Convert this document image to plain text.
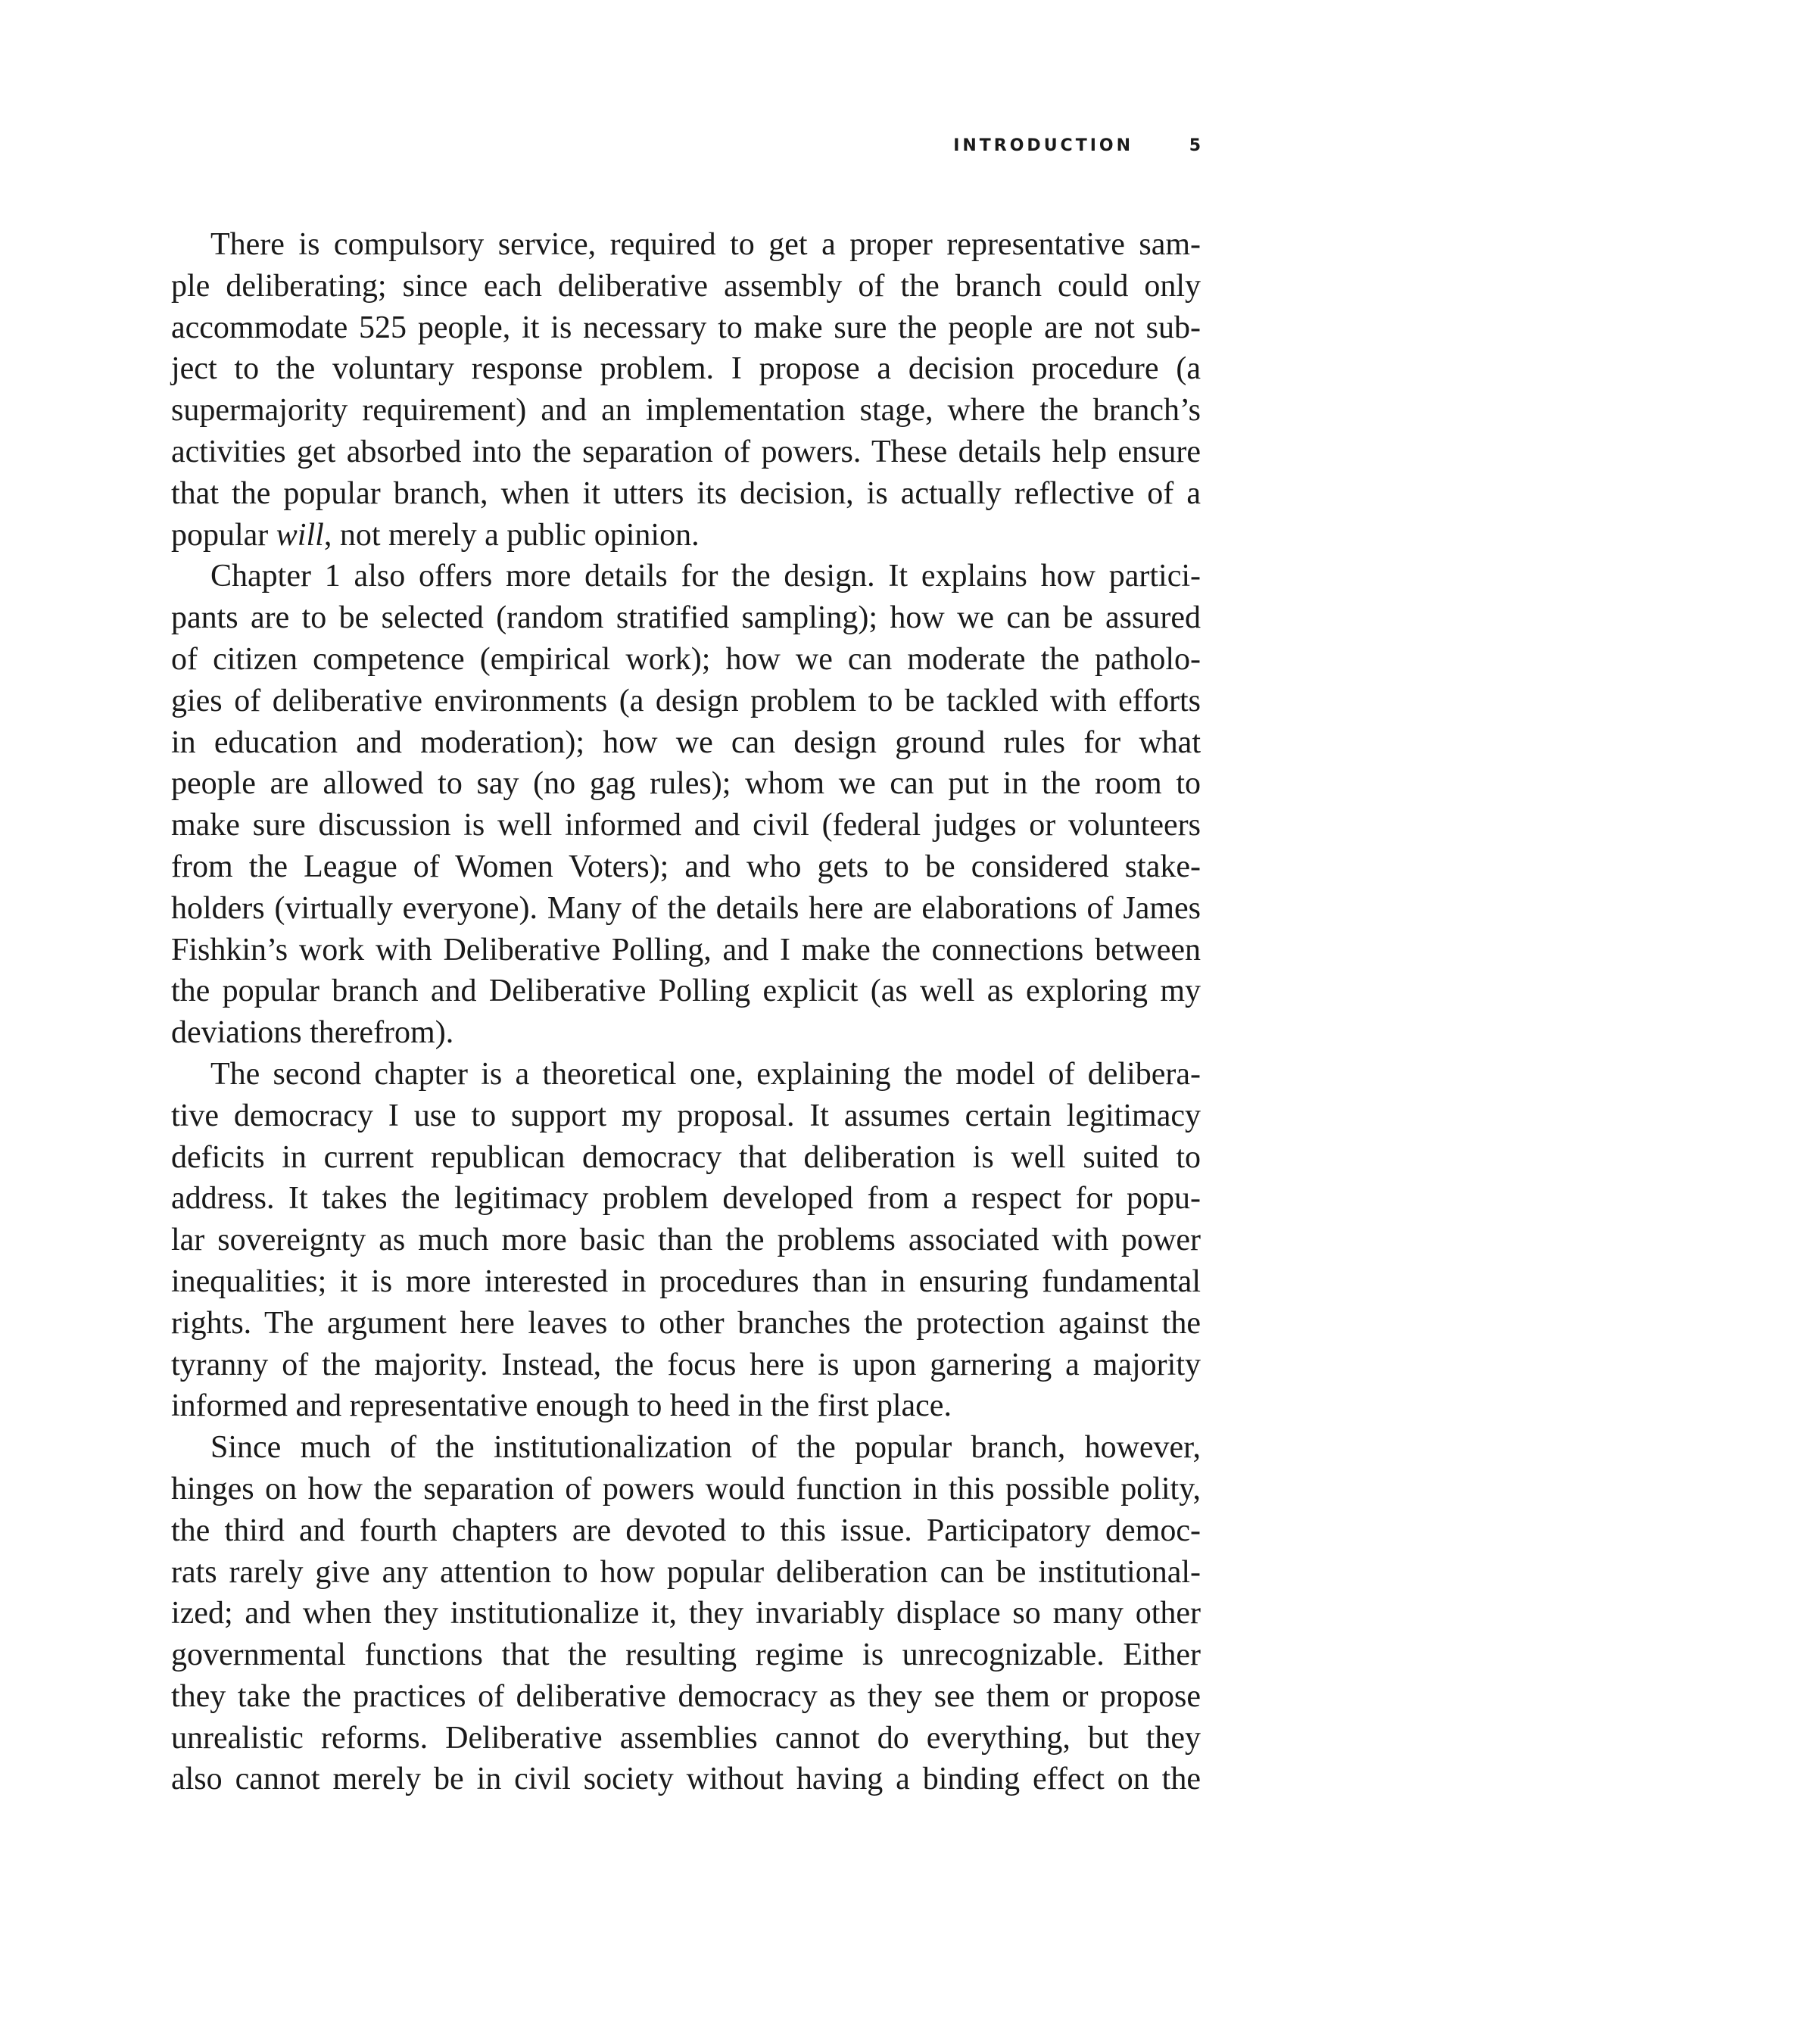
INTRODUCTION	5
There is compulsory service, required to get a proper representative sam-
ple deliberating; since each deliberative assembly of the branch could only
accommodate 525 people, it is necessary to make sure the people are not sub-
ject to the voluntary response problem. I propose a decision procedure (a
supermajority requirement) and an implementation stage, where the branch’s
activities get absorbed into the separation of powers. These details help ensure
that the popular branch, when it utters its decision, is actually reflective of a
popular will, not merely a public opinion.
Chapter 1 also offers more details for the design. It explains how partici-
pants are to be selected (random stratified sampling); how we can be assured
of citizen competence (empirical work); how we can moderate the patholo-
gies of deliberative environments (a design problem to be tackled with efforts
in education and moderation); how we can design ground rules for what
people are allowed to say (no gag rules); whom we can put in the room to
make sure discussion is well informed and civil (federal judges or volunteers
from the League of Women Voters); and who gets to be considered stake-
holders (virtually everyone). Many of the details here are elaborations of James
Fishkin’s work with Deliberative Polling, and I make the connections between
the popular branch and Deliberative Polling explicit (as well as exploring my
deviations therefrom).
The second chapter is a theoretical one, explaining the model of delibera-
tive democracy I use to support my proposal. It assumes certain legitimacy
deficits in current republican democracy that deliberation is well suited to
address. It takes the legitimacy problem developed from a respect for popu-
lar sovereignty as much more basic than the problems associated with power
inequalities; it is more interested in procedures than in ensuring fundamental
rights. The argument here leaves to other branches the protection against the
tyranny of the majority. Instead, the focus here is upon garnering a majority
informed and representative enough to heed in the first place.
Since much of the institutionalization of the popular branch, however,
hinges on how the separation of powers would function in this possible polity,
the third and fourth chapters are devoted to this issue. Participatory democ-
rats rarely give any attention to how popular deliberation can be institutional-
ized; and when they institutionalize it, they invariably displace so many other
governmental functions that the resulting regime is unrecognizable. Either
they take the practices of deliberative democracy as they see them or propose
unrealistic reforms. Deliberative assemblies cannot do everything, but they
also cannot merely be in civil society without having a binding effect on the
